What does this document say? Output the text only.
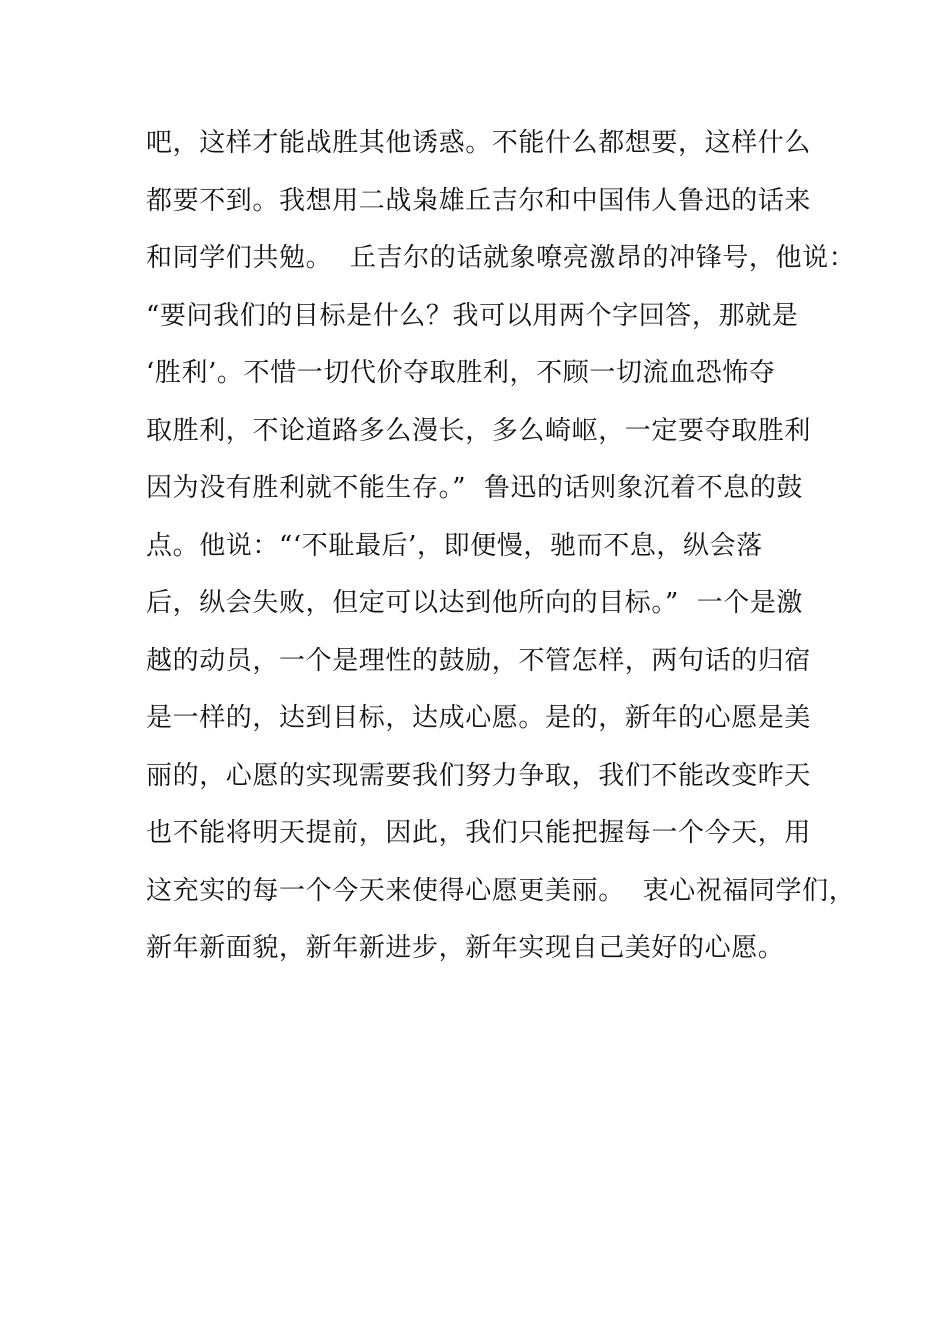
吧，这样才能战胜其他诱惑。不能什么都想要，这样什么
都要不到。我想用二战枭雄丘吉尔和中国伟人鲁迅的话来
和同学们共勉。  丘吉尔的话就象嘹亮激昂的冲锋号，他说：
“要问我们的目标是什么？我可以用两个字回答，那就是
‘胜利’。不惜一切代价夺取胜利，不顾一切流血恐怖夺
取胜利，不论道路多么漫长，多么崎岖，一定要夺取胜利
因为没有胜利就不能生存。”  鲁迅的话则象沉着不息的鼓
点。他说：“‘不耻最后’，即便慢，驰而不息，纵会落
后，纵会失败，但定可以达到他所向的目标。”  一个是激
越的动员，一个是理性的鼓励，不管怎样，两句话的归宿
是一样的，达到目标，达成心愿。是的，新年的心愿是美
丽的，心愿的实现需要我们努力争取，我们不能改变昨天
也不能将明天提前，因此，我们只能把握每一个今天，用
这充实的每一个今天来使得心愿更美丽。  衷心祝福同学们，
新年新面貌，新年新进步，新年实现自己美好的心愿。
